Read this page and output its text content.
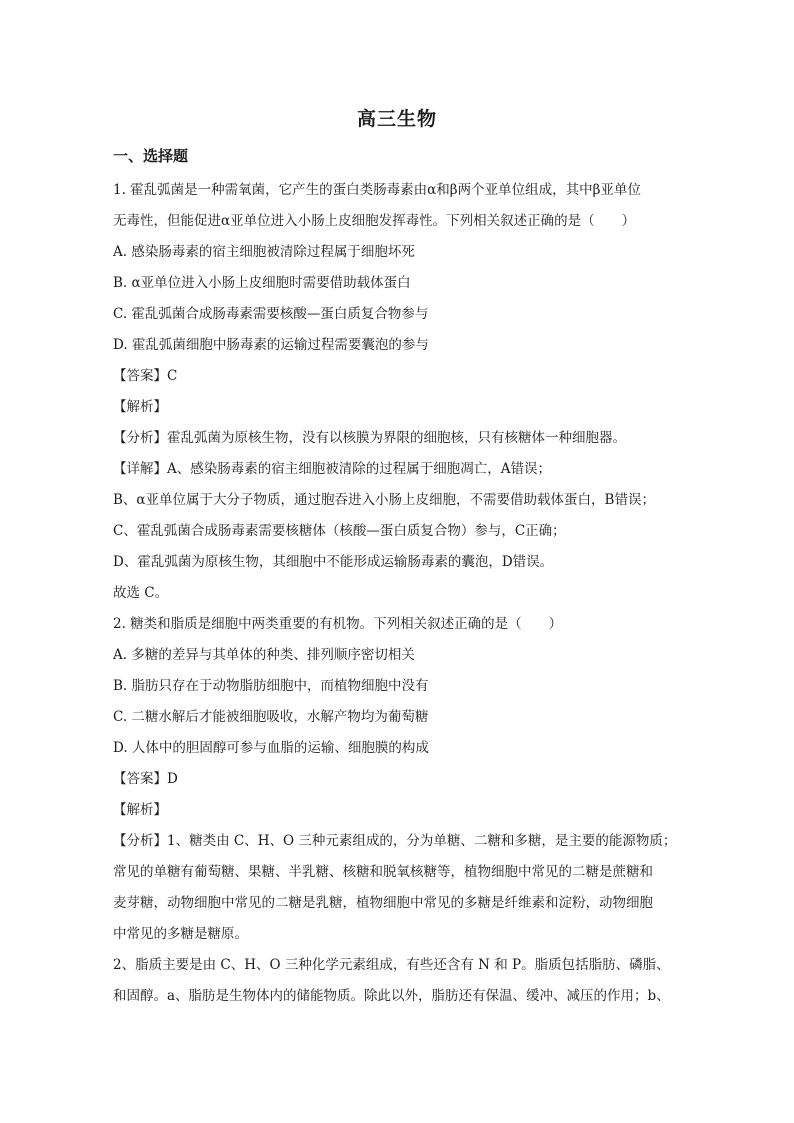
高三生物
一、选择题
1. 霍乱弧菌是一种需氧菌，它产生的蛋白类肠毒素由α和β两个亚单位组成，其中β亚单位
无毒性，但能促进α亚单位进入小肠上皮细胞发挥毒性。下列相关叙述正确的是（　　）
A. 感染肠毒素的宿主细胞被清除过程属于细胞坏死
B. α亚单位进入小肠上皮细胞时需要借助载体蛋白
C. 霍乱弧菌合成肠毒素需要核酸—蛋白质复合物参与
D. 霍乱弧菌细胞中肠毒素的运输过程需要囊泡的参与
【答案】C
【解析】
【分析】霍乱弧菌为原核生物，没有以核膜为界限的细胞核，只有核糖体一种细胞器。
【详解】A、感染肠毒素的宿主细胞被清除的过程属于细胞凋亡，A错误；
B、α亚单位属于大分子物质，通过胞吞进入小肠上皮细胞，不需要借助载体蛋白，B错误；
C、霍乱弧菌合成肠毒素需要核糖体（核酸—蛋白质复合物）参与，C正确；
D、霍乱弧菌为原核生物，其细胞中不能形成运输肠毒素的囊泡，D错误。
故选 C。
2. 糖类和脂质是细胞中两类重要的有机物。下列相关叙述正确的是（　　）
A. 多糖的差异与其单体的种类、排列顺序密切相关
B. 脂肪只存在于动物脂肪细胞中，而植物细胞中没有
C. 二糖水解后才能被细胞吸收，水解产物均为葡萄糖
D. 人体中的胆固醇可参与血脂的运输、细胞膜的构成
【答案】D
【解析】
【分析】1、糖类由 C、H、O 三种元素组成的，分为单糖、二糖和多糖，是主要的能源物质；
常见的单糖有葡萄糖、果糖、半乳糖、核糖和脱氧核糖等，植物细胞中常见的二糖是蔗糖和
麦芽糖，动物细胞中常见的二糖是乳糖，植物细胞中常见的多糖是纤维素和淀粉，动物细胞
中常见的多糖是糖原。
2、脂质主要是由 C、H、O 三种化学元素组成，有些还含有 N 和 P。脂质包括脂肪、磷脂、
和固醇。a、脂肪是生物体内的储能物质。除此以外，脂肪还有保温、缓冲、减压的作用；b、
